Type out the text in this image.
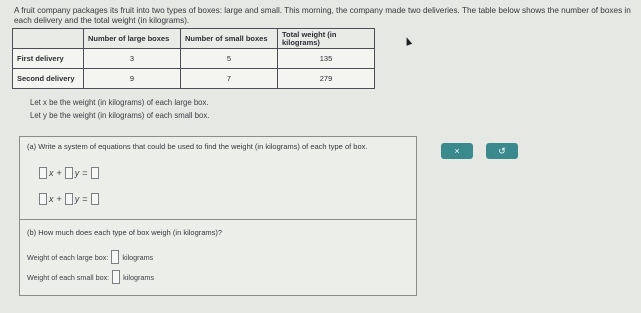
A fruit company packages its fruit into two types of boxes: large and small. This morning, the company made two deliveries. The table below shows the number of boxes in each delivery and the total weight (in kilograms).
	Number of large boxes	Number of small boxes	Total weight (in kilograms)
First delivery	3	5	135
Second delivery	9	7	279
Let x be the weight (in kilograms) of each large box.
Let y be the weight (in kilograms) of each small box.
(a) Write a system of equations that could be used to find the weight (in kilograms) of each type of box.
x + y =
x + y =
(b) How much does each type of box weigh (in kilograms)?
Weight of each large box: kilograms
Weight of each small box: kilograms
×	↺
